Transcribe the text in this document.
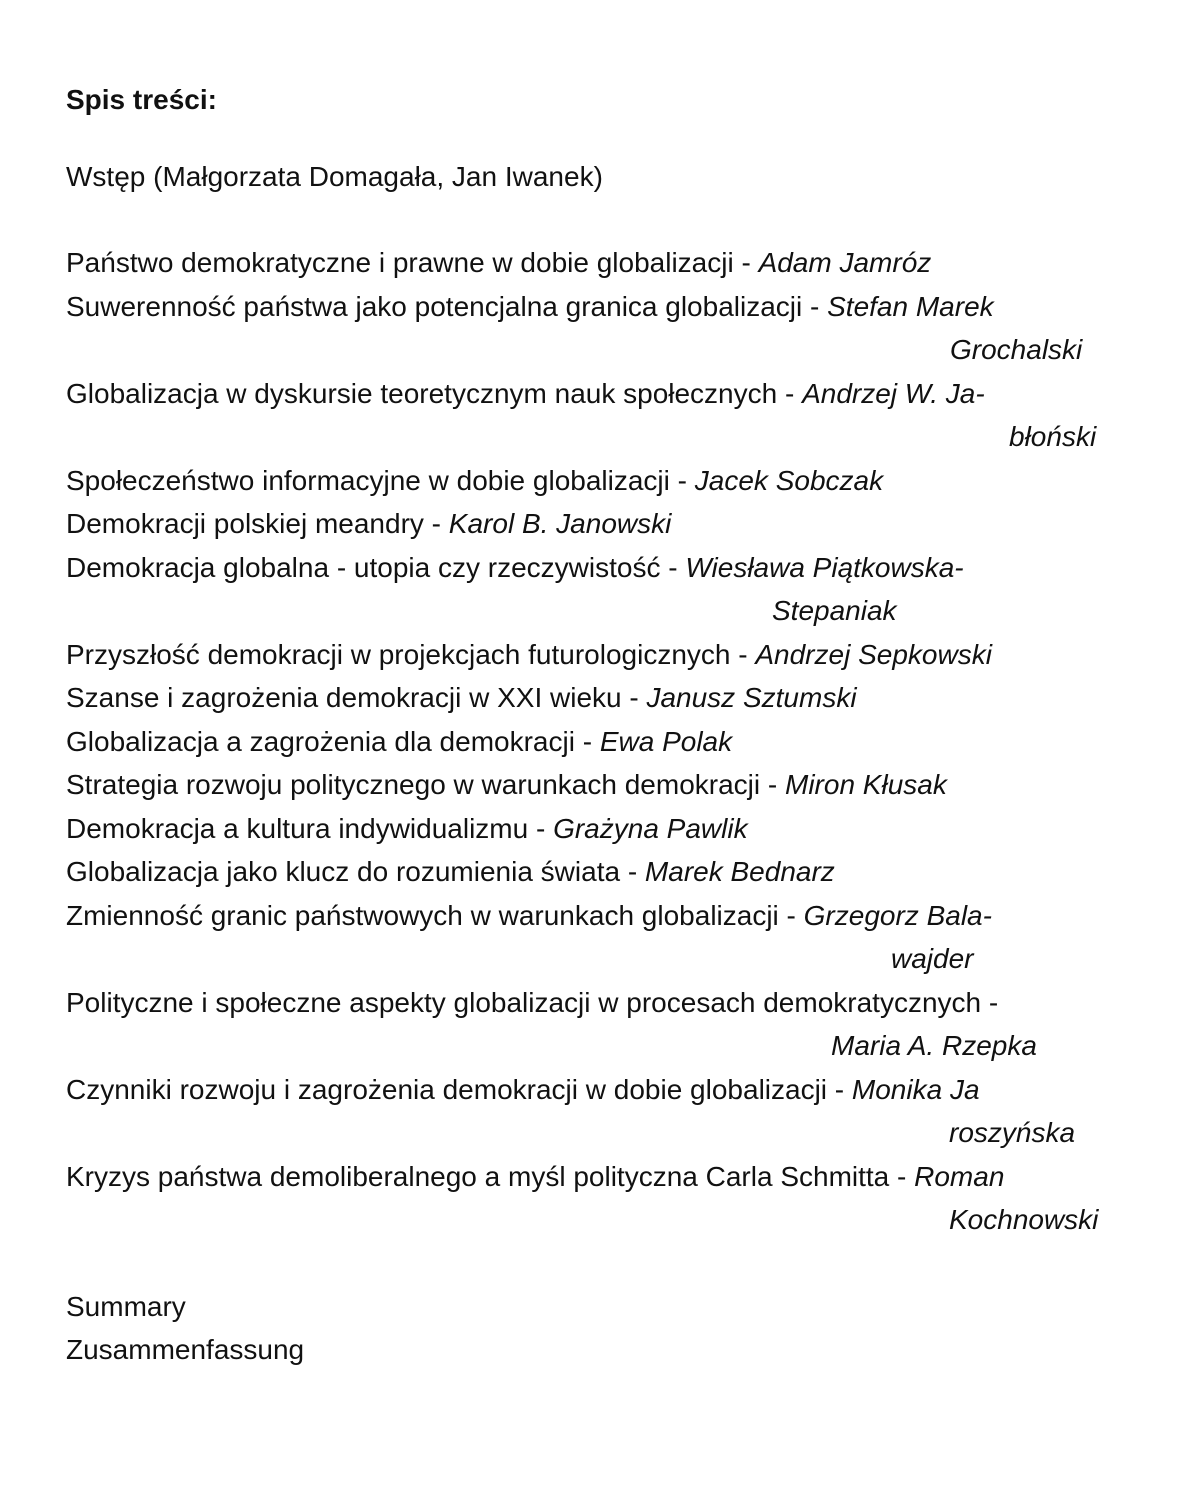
Spis treści:
Wstęp (Małgorzata Domagała, Jan Iwanek)
Państwo demokratyczne i prawne w dobie globalizacji - Adam Jamróz
Suwerenność państwa jako potencjalna granica globalizacji - Stefan Marek
Grochalski
Globalizacja w dyskursie teoretycznym nauk społecznych - Andrzej W. Ja-
błoński
Społeczeństwo informacyjne w dobie globalizacji - Jacek Sobczak
Demokracji polskiej meandry - Karol B. Janowski
Demokracja globalna - utopia czy rzeczywistość - Wiesława Piątkowska-
Stepaniak
Przyszłość demokracji w projekcjach futurologicznych - Andrzej Sepkowski
Szanse i zagrożenia demokracji w XXI wieku - Janusz Sztumski
Globalizacja a zagrożenia dla demokracji - Ewa Polak
Strategia rozwoju politycznego w warunkach demokracji - Miron Kłusak
Demokracja a kultura indywidualizmu - Grażyna Pawlik
Globalizacja jako klucz do rozumienia świata - Marek Bednarz
Zmienność granic państwowych w warunkach globalizacji - Grzegorz Bala-
wajder
Polityczne i społeczne aspekty globalizacji w procesach demokratycznych -
Maria A. Rzepka
Czynniki rozwoju i zagrożenia demokracji w dobie globalizacji - Monika Ja
roszyńska
Kryzys państwa demoliberalnego a myśl polityczna Carla Schmitta - Roman
Kochnowski
Summary
Zusammenfassung
